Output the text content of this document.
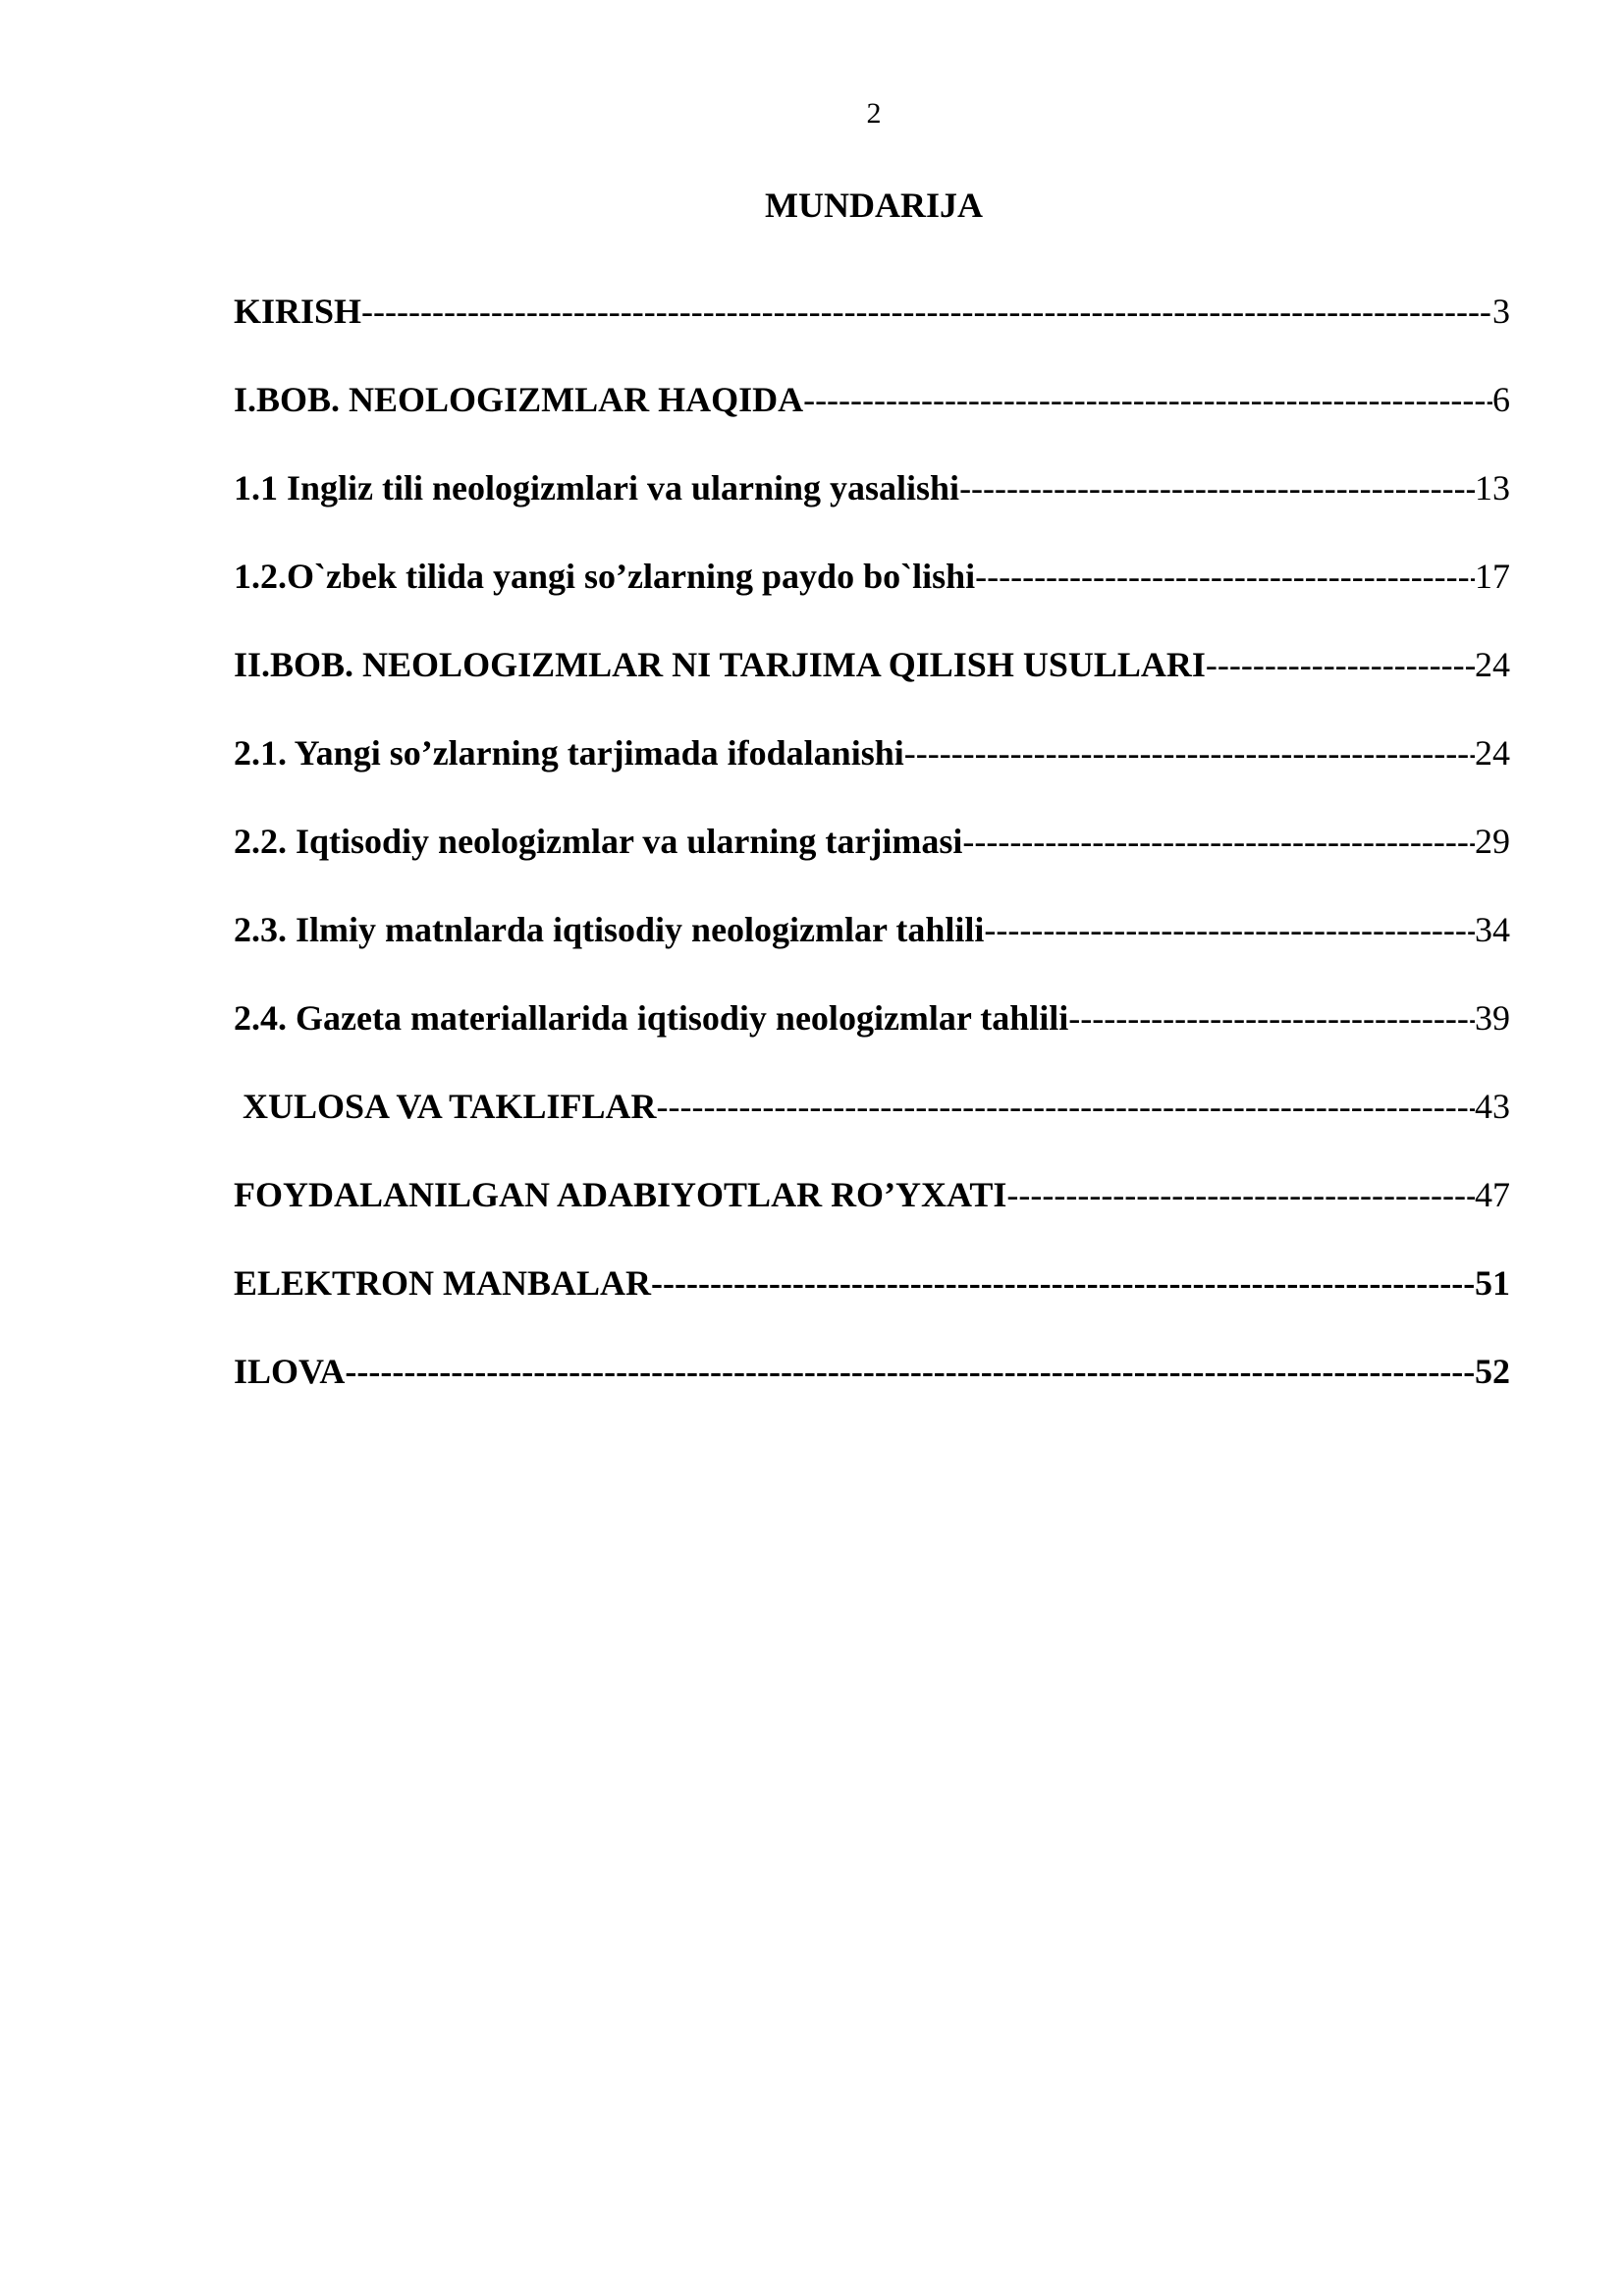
2
MUNDARIJA
KIRISH -----	3
I.BOB. NEOLOGIZMLAR HAQIDA -----	6
1.1 Ingliz tili neologizmlari va ularning yasalishi -----	13
1.2.O`zbek tilida yangi so’zlarning paydo bo`lishi -----	17
II.BOB. NEOLOGIZMLAR NI TARJIMA QILISH USULLARI -----	24
2.1. Yangi so’zlarning tarjimada ifodalanishi -----	24
2.2. Iqtisodiy neologizmlar va ularning tarjimasi -----	29
2.3. Ilmiy matnlarda iqtisodiy neologizmlar tahlili -----	34
2.4. Gazeta materiallarida iqtisodiy neologizmlar tahlili -----	39
XULOSA VA TAKLIFLAR -----	43
FOYDALANILGAN ADABIYOTLAR RO’YXATI -----	47
ELEKTRON MANBALAR -----	51
ILOVA -----	52
